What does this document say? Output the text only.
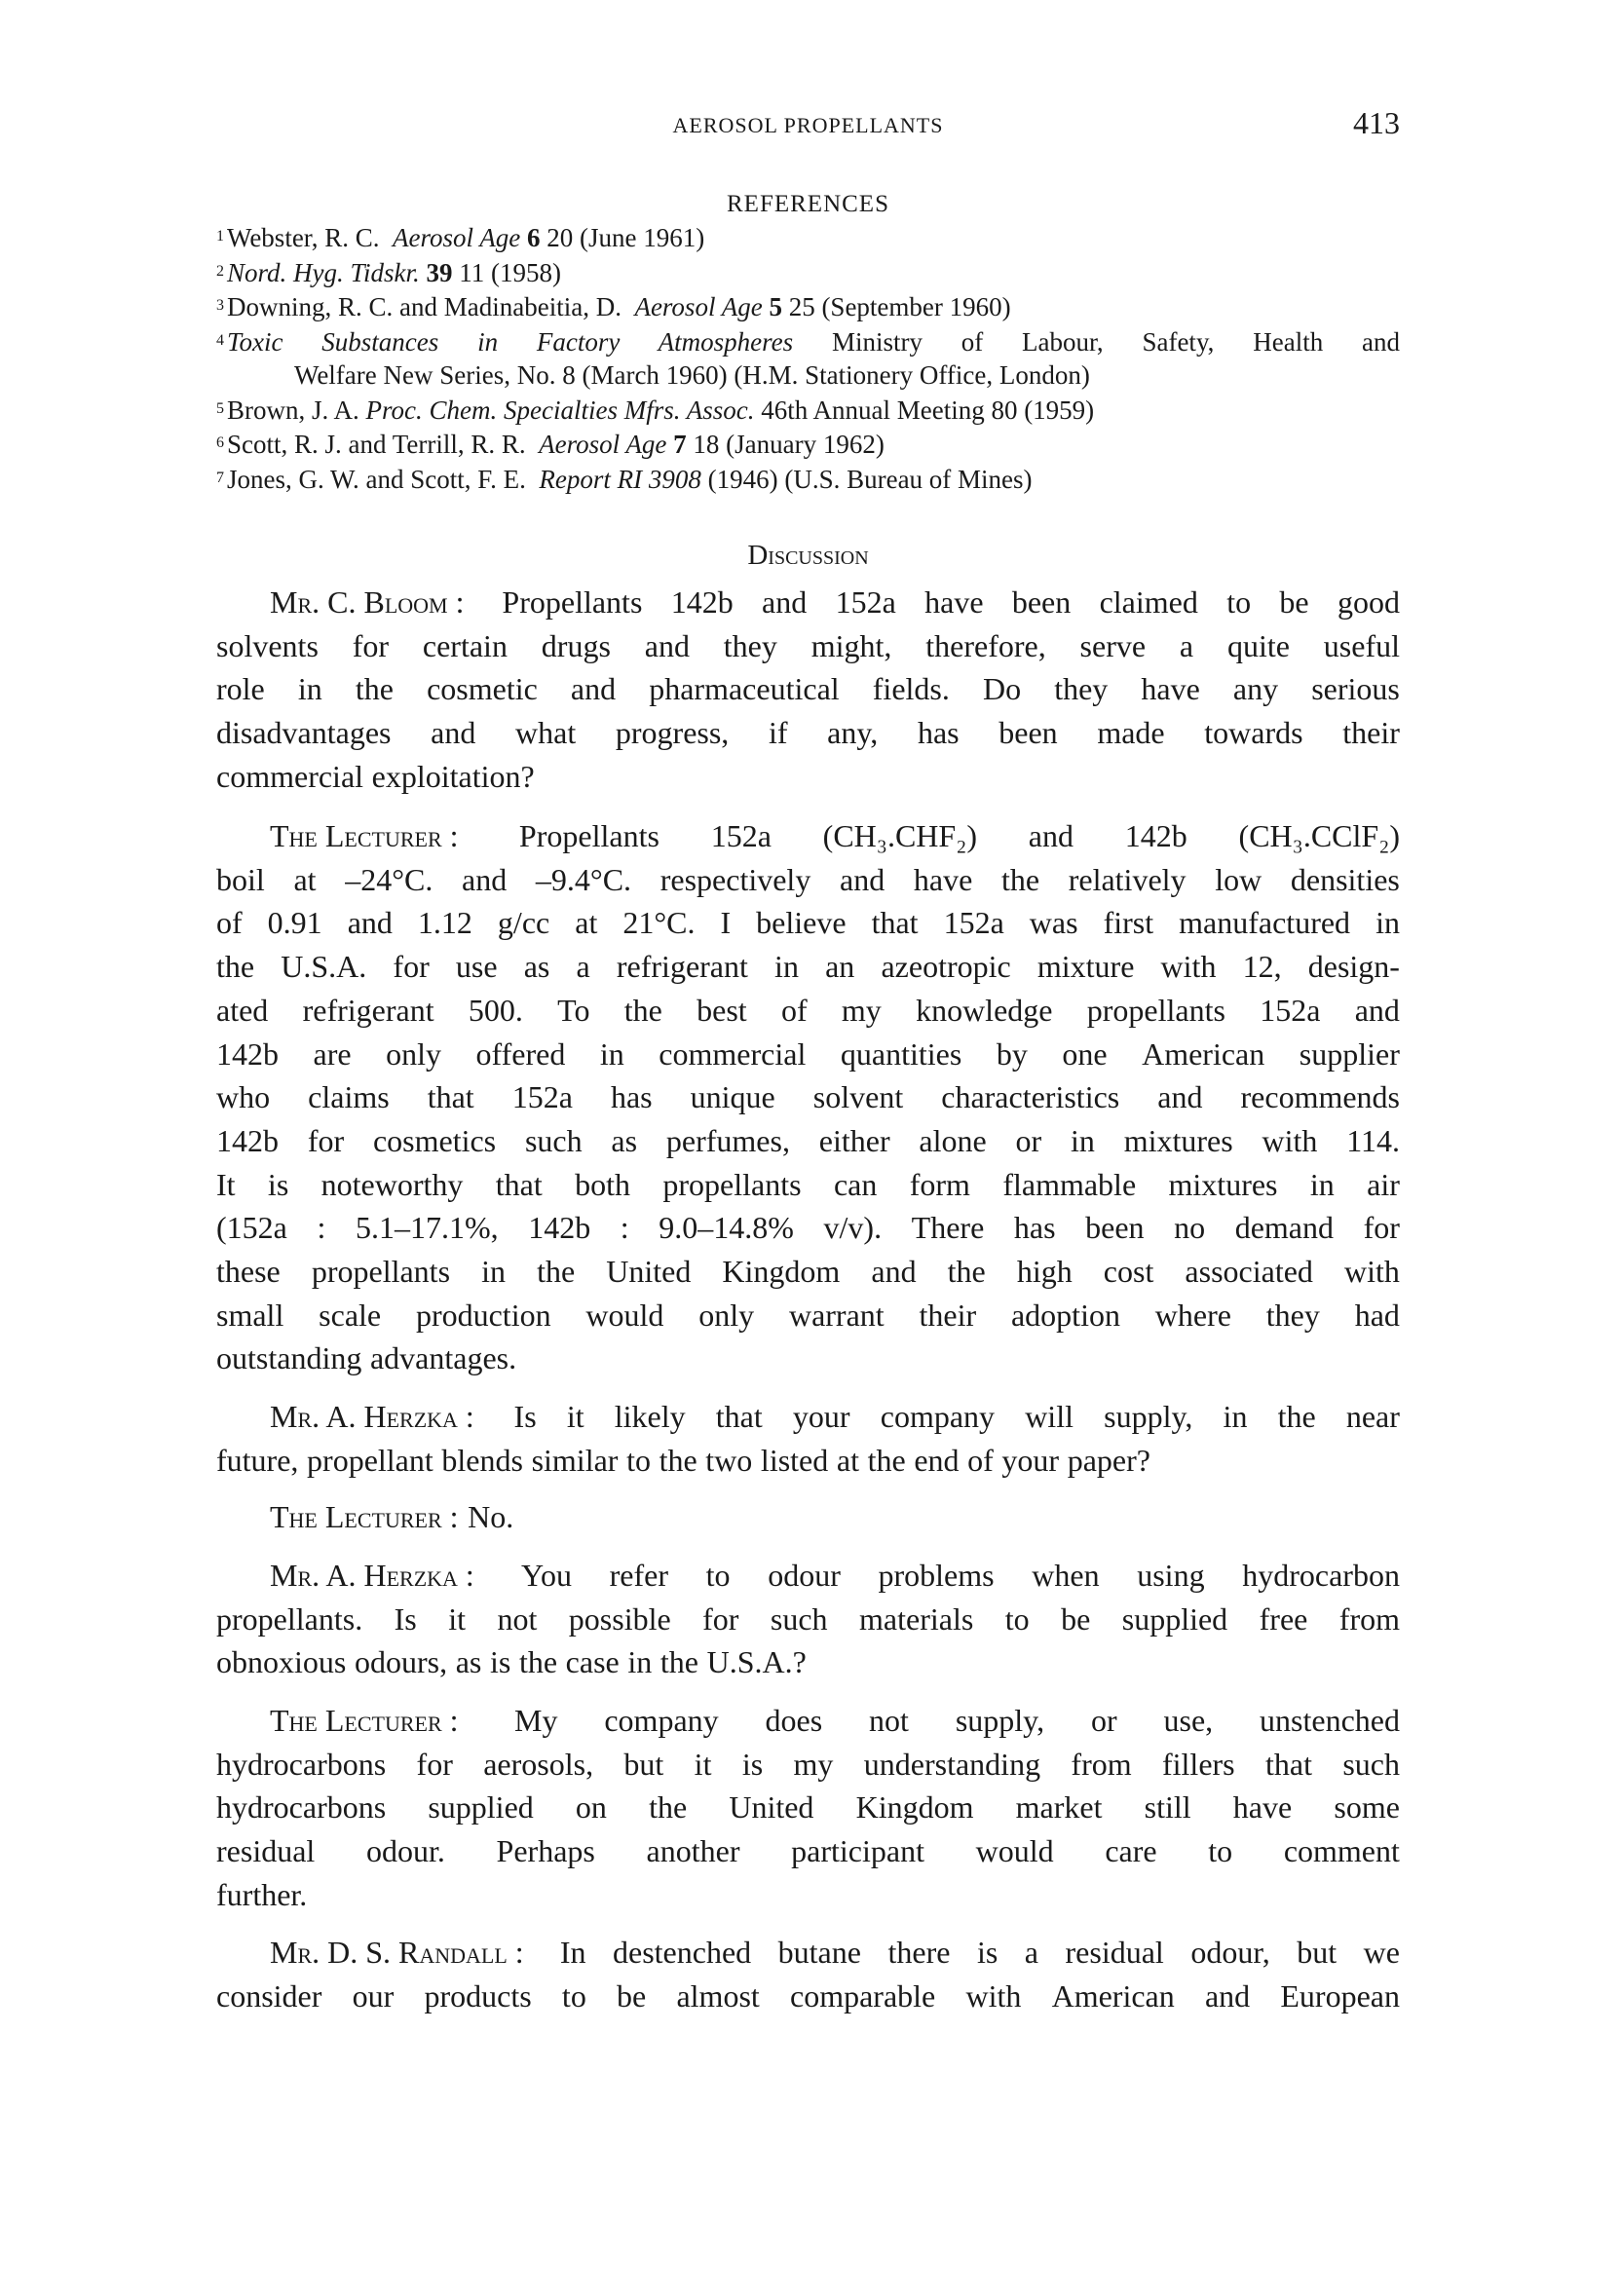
AEROSOL PROPELLANTS	413
REFERENCES
$^1$ Webster, R. C.  Aerosol Age 6 20 (June 1961)
$^2$ Nord. Hyg. Tidskr. 39 11 (1958)
$^3$ Downing, R. C. and Madinabeitia, D.  Aerosol Age 5 25 (September 1960)
$^4$ Toxic Substances in Factory Atmospheres Ministry of Labour, Safety, Health and
Welfare New Series, No. 8 (March 1960) (H.M. Stationery Office, London)
$^5$ Brown, J. A. Proc. Chem. Specialties Mfrs. Assoc. 46th Annual Meeting 80 (1959)
$^6$ Scott, R. J. and Terrill, R. R.  Aerosol Age 7 18 (January 1962)
$^7$ Jones, G. W. and Scott, F. E.  Report RI 3908 (1946) (U.S. Bureau of Mines)
Discussion
Mr. C. Bloom : Propellants 142b and 152a have been claimed to be good
solvents for certain drugs and they might, therefore, serve a quite useful
role in the cosmetic and pharmaceutical fields. Do they have any serious
disadvantages and what progress, if any, has been made towards their
commercial exploitation?
The Lecturer : Propellants 152a (CH₃.CHF₂) and 142b (CH₃.CClF₂)
boil at –24°C. and –9.4°C. respectively and have the relatively low densities
of 0.91 and 1.12 g/cc at 21°C. I believe that 152a was first manufactured in
the U.S.A. for use as a refrigerant in an azeotropic mixture with 12, design-
ated refrigerant 500. To the best of my knowledge propellants 152a and
142b are only offered in commercial quantities by one American supplier
who claims that 152a has unique solvent characteristics and recommends
142b for cosmetics such as perfumes, either alone or in mixtures with 114.
It is noteworthy that both propellants can form flammable mixtures in air
(152a : 5.1–17.1%, 142b : 9.0–14.8% v/v). There has been no demand for
these propellants in the United Kingdom and the high cost associated with
small scale production would only warrant their adoption where they had
outstanding advantages.
Mr. A. Herzka : Is it likely that your company will supply, in the near
future, propellant blends similar to the two listed at the end of your paper?
The Lecturer : No.
Mr. A. Herzka : You refer to odour problems when using hydrocarbon
propellants. Is it not possible for such materials to be supplied free from
obnoxious odours, as is the case in the U.S.A.?
The Lecturer : My company does not supply, or use, unstenched
hydrocarbons for aerosols, but it is my understanding from fillers that such
hydrocarbons supplied on the United Kingdom market still have some
residual odour. Perhaps another participant would care to comment
further.
Mr. D. S. Randall : In destenched butane there is a residual odour, but we
consider our products to be almost comparable with American and European
